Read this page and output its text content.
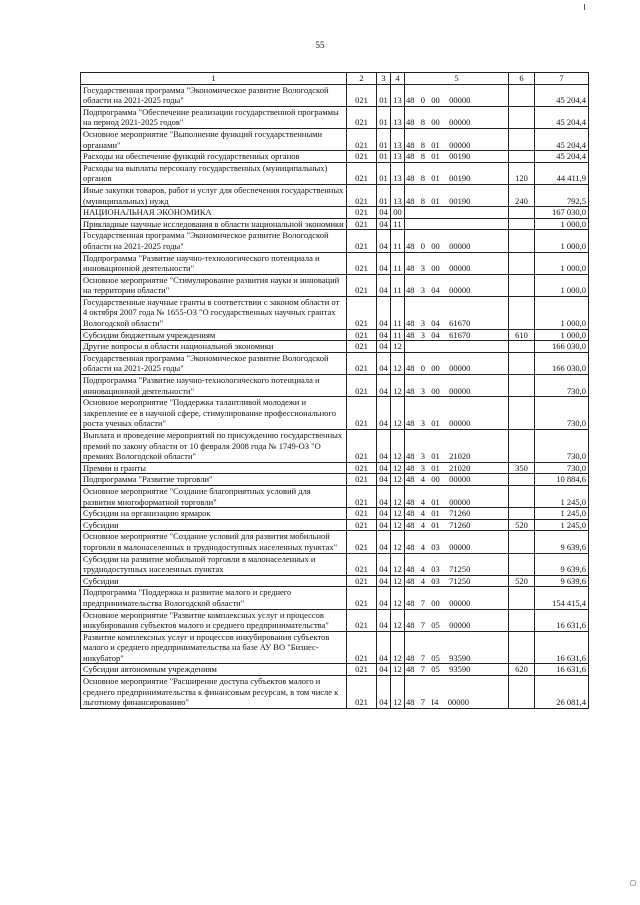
55
1	2	3	4	5	6	7
Государственная программа "Экономическое развитие Вологодской области на 2021-2025 годы"	021	01	13	48  0  00   00000		45 204,4
Подпрограмма "Обеспечение реализации государственной программы на период 2021-2025 годов"	021	01	13	48  8  00   00000		45 204,4
Основное мероприятие "Выполнение функций государственными органами"	021	01	13	48  8  01   00000		45 204,4
Расходы на обеспечение функций государственных органов	021	01	13	48  8  01   00190		45 204,4
Расходы на выплаты персоналу государственных (муниципальных) органов	021	01	13	48  8  01   00190	120	44 411,9
Иные закупки товаров, работ и услуг для обеспечения государственных (муниципальных) нужд	021	01	13	48  8  01   00190	240	792,5
НАЦИОНАЛЬНАЯ ЭКОНОМИКА	021	04	00			167 030,0
Прикладные научные исследования в области национальной экономики	021	04	11			1 000,0
Государственная программа "Экономическое развитие Вологодской области на 2021-2025 годы"	021	04	11	48  0  00   00000		1 000,0
Подпрограмма "Развитие научно-технологического потенциала и инновационной деятельности"	021	04	11	48  3  00   00000		1 000,0
Основное мероприятие "Стимулирование развития науки и инноваций на территории области"	021	04	11	48  3  04   00000		1 000,0
Государственные научные гранты в соответствии с законом области от 4 октября 2007 года № 1655-ОЗ "О государственных научных грантах Вологодской области"	021	04	11	48  3  04   61670		1 000,0
Субсидии бюджетным учреждениям	021	04	11	48  3  04   61670	610	1 000,0
Другие вопросы в области национальной экономики	021	04	12			166 030,0
Государственная программа "Экономическое развитие Вологодской области на 2021-2025 годы"	021	04	12	48  0  00   00000		166 030,0
Подпрограмма "Развитие научно-технологического потенциала и инновационной деятельности"	021	04	12	48  3  00   00000		730,0
Основное мероприятие "Поддержка талантливой молодежи и закрепление ее в научной сфере, стимулирование профессионального роста ученых области"	021	04	12	48  3  01   00000		730,0
Выплата и проведение мероприятий по присуждению государственных премий по закону области от 10 февраля 2008 года № 1749-ОЗ "О премиях Вологодской области"	021	04	12	48  3  01   21020		730,0
Премии и гранты	021	04	12	48  3  01   21020	350	730,0
Подпрограмма "Развитие торговли"	021	04	12	48  4  00   00000		10 884,6
Основное мероприятие "Создание благоприятных условий для развития многоформатной торговли"	021	04	12	48  4  01   00000		1 245,0
Субсидии на организацию ярмарок	021	04	12	48  4  01   71260		1 245,0
Субсидии	021	04	12	48  4  01   71260	520	1 245,0
Основное мероприятие "Создание условий для развития мобильной торговли в малонаселенных и труднодоступных населенных пунктах"	021	04	12	48  4  03   00000		9 639,6
Субсидии на развитие мобильной торговли в малонаселенных и труднодоступных населенных пунктах	021	04	12	48  4  03   71250		9 639,6
Субсидии	021	04	12	48  4  03   71250	520	9 639,6
Подпрограмма "Поддержка и развитие малого и среднего предпринимательства Вологодской области"	021	04	12	48  7  00   00000		154 415,4
Основное мероприятие "Развитие комплексных услуг и процессов инкубирования субъектов малого и среднего предпринимательства"	021	04	12	48  7  05   00000		16 631,6
Развитие комплексных услуг и процессов инкубирования субъектов малого и среднего предпринимательства на базе АУ ВО "Бизнес-инкубатор"	021	04	12	48  7  05   93590		16 631,6
Субсидии автономным учреждениям	021	04	12	48  7  05   93590	620	16 631,6
Основное мероприятие "Расширение доступа субъектов малого и среднего предпринимательства к финансовым ресурсам, в том числе к льготному финансированию"	021	04	12	48  7  I4   00000		26 081,4
